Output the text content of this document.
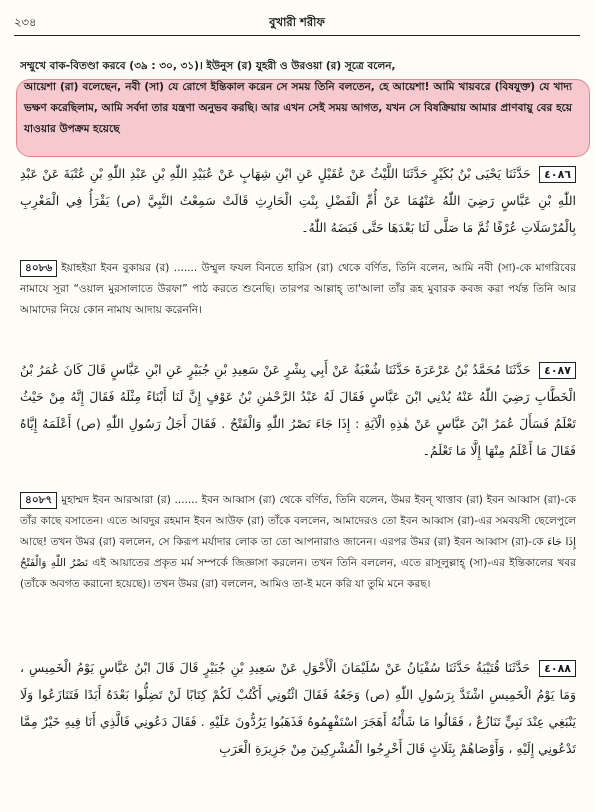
২৩৪	বুখারী শরীফ

সম্মুখে বাক-বিতণ্ডা করবে (৩৯ : ৩০, ৩১)। ইউনুস (র) যুহরী ও উরওয়া (র) সূত্রে বলেন,

আয়েশা (রা) বলেছেন, নবী (সা) যে রোগে ইন্তিকাল করেন সে সময় তিনি বলতেন, হে আয়েশা! আমি খায়বরে (বিষযুক্ত) যে খাদ্য ভক্ষণ করেছিলাম, আমি সর্বদা তার যন্ত্রণা অনুভব করছি। আর এখন সেই সময় আগত, যখন সে বিষক্রিয়ায় আমার প্রাণবায়ু বের হয়ে যাওয়ার উপক্রম হয়েছে

٤٠٨٦ حَدَّثَنَا يَحْيَى بْنُ بُكَيْرٍ حَدَّثَنَا اللَّيْثُ عَنْ عُقَيْلٍ عَنِ ابْنِ شِهَابٍ عَنْ عُبَيْدِ اللّٰهِ بْنِ عَبْدِ اللّٰهِ بْنِ عُتْبَةَ عَنْ عَبْدِ اللّٰهِ بْنِ عَبَّاسٍ رَضِيَ اللّٰهُ عَنْهُمَا عَنْ أُمِّ الْفَضْلِ بِنْتِ الْحَارِثِ قَالَتْ سَمِعْتُ النَّبِيَّ (ص) يَقْرَأُ فِي الْمَغْرِبِ بِالْمُرْسَلَاتِ عُرْفًا ثُمَّ مَا صَلَّى لَنَا بَعْدَهَا حَتَّى قَبَضَهُ اللّٰهُ۔

৪০৮৬ ইয়াহইয়া ইবন বুকায়র (র) ....... উম্মুল ফযল বিনতে হারিস (রা) থেকে বর্ণিত, তিনি বলেন, আমি নবী (সা)-কে মাগরিবের নামাযে সূরা “ওয়াল মুরসালাতে উরফা” পাঠ করতে শুনেছি। তারপর আল্লাহ্ তা'আলা তাঁর রূহ মুবারক কবজ করা পর্যন্ত তিনি আর আমাদের নিয়ে কোন নামায আদায় করেননি।

٤٠٨٧ حَدَّثَنَا مُحَمَّدُ بْنُ عَرْعَرَةَ حَدَّثَنَا شُعْبَةُ عَنْ أَبِي بِشْرٍ عَنْ سَعِيدِ بْنِ جُبَيْرٍ عَنِ ابْنِ عَبَّاسٍ قَالَ كَانَ عُمَرُ بْنُ الْخَطَّابِ رَضِيَ اللّٰهُ عَنْهُ يُدْنِي ابْنَ عَبَّاسٍ فَقَالَ لَهُ عَبْدُ الرَّحْمٰنِ بْنُ عَوْفٍ إِنَّ لَنَا أَبْنَاءً مِثْلَهُ فَقَالَ إِنَّهُ مِنْ حَيْثُ تَعْلَمُ فَسَأَلَ عُمَرُ ابْنَ عَبَّاسٍ عَنْ هٰذِهِ الْآيَةِ : إِذَا جَاءَ نَصْرُ اللّٰهِ وَالْفَتْحُ . فَقَالَ أَجَلُ رَسُولِ اللّٰهِ (ص) أَعْلَمَهُ إِيَّاهُ فَقَالَ مَا أَعْلَمُ مِنْهَا إِلَّا مَا تَعْلَمُ۔

৪০৮৭ মুহাম্মদ ইবন আরআরা (র) ....... ইবন আব্বাস (রা) থেকে বর্ণিত, তিনি বলেন, উমর ইবন্ খাত্তাব (রা) ইবন আব্বাস (রা)-কে তাঁর কাছে বসাতেন। এতে আবদুর রহমান ইবন আউফ (রা) তাঁকে বললেন, আমাদেরও তো ইবন আব্বাস (রা)-এর সমবয়সী ছেলেপুলে আছে! তখন উমর (রা) বললেন, সে কিরূপ মর্যাদার লোক তা তো আপনারাও জানেন। এরপর উমর (রা) ইবন আব্বাস (রা)-কে إِذَا جَاءَ نَصْرُ اللّٰهِ وَالْفَتْحُ এই আয়াতের প্রকৃত মর্ম সম্পর্কে জিজ্ঞাসা করলেন। তখন তিনি বললেন, এতে রাসূলুল্লাহ্ (সা)-এর ইন্তিকালের খবর (তাঁকে অবগত করানো হয়েছে)। তখন উমর (রা) বললেন, আমিও তা-ই মনে করি যা তুমি মনে করছ।

٤٠٨٨ حَدَّثَنَا قُتَيْبَةُ حَدَّثَنَا سُفْيَانُ عَنْ سُلَيْمَانَ الْأَحْوَلِ عَنْ سَعِيدِ بْنِ جُبَيْرٍ قَالَ قَالَ ابْنُ عَبَّاسٍ يَوْمُ الْخَمِيسِ ، وَمَا يَوْمُ الْخَمِيسِ اشْتَدَّ بِرَسُولِ اللّٰهِ (ص) وَجَعُهُ فَقَالَ ائْتُونِي أَكْتُبْ لَكُمْ كِتَابًا لَنْ تَضِلُّوا بَعْدَهُ أَبَدًا فَتَنَازَعُوا وَلَا يَنْبَغِي عِنْدَ نَبِيٍّ تَنَازُعٌ ، فَقَالُوا مَا شَأْنُهُ أَهَجَرَ اسْتَفْهِمُوهُ فَذَهَبُوا يَرُدُّونَ عَلَيْهِ . فَقَالَ دَعُونِي فَالَّذِي أَنَا فِيهِ خَيْرٌ مِمَّا تَدْعُونِي إِلَيْهِ ، وَأَوْصَاهُمْ بِثَلَاثٍ قَالَ أَخْرِجُوا الْمُشْرِكِينَ مِنْ جَزِيرَةِ الْعَرَبِ
